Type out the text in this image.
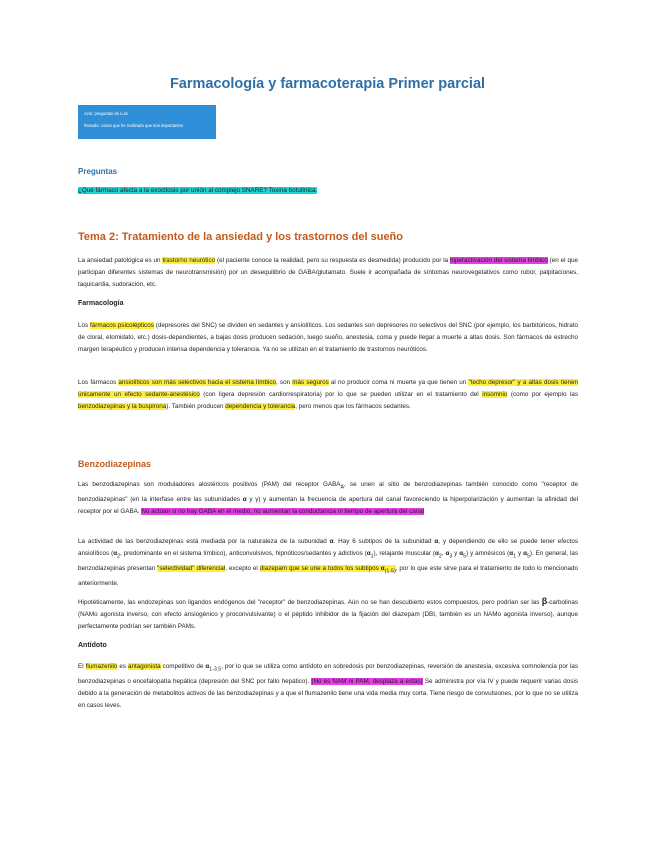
Farmacología y farmacoterapia Primer parcial
Azul: preguntas de Luis
Rosado: cosas que he realizado que son importantes
Preguntas
¿Qué fármaco afecta a la exocitosis por unión al complejo SNARE? Toxina botulínica.
Tema 2: Tratamiento de la ansiedad y los trastornos del sueño
La ansiedad patológica es un trastorno neurótico (el paciente conoce la realidad, pero su respuesta es desmedida) producido por la hiperactivación del sistema límbico (en el que participan diferentes sistemas de neurotransmisión) por un desequilibrio de GABA/glutamato. Suele ir acompañada de síntomas neurovegetativos como rubor, palpitaciones, taquicardia, sudoración, etc.
Farmacología
Los fármacos psicolépticos (depresores del SNC) se dividen en sedantes y ansiolíticos. Los sedantes son depresores no selectivos del SNC (por ejemplo, los barbitúricos, hidrato de cloral, etomidato, etc.) dosis-dependientes, a bajas dosis producen sedación, luego sueño, anestesia, coma y puede llegar a muerte a altas dosis. Son fármacos de estrecho margen terapéutico y producen intensa dependencia y tolerancia. Ya no se utilizan en el tratamiento de trastornos neuróticos.
Los fármacos ansiolíticos son más selectivos hacia el sistema límbico, son más seguros al no producir coma ni muerte ya que tienen un "techo depresor" y a altas dosis tienen únicamente un efecto sedante-anestésico (con ligera depresión cardiorrespiratoria) por lo que se pueden utilizar en el tratamiento del insomnio (como por ejemplo las benzodiazepinas y la buspirona). También producen dependencia y tolerancia, pero menos que los fármacos sedantes.
Benzodiazepinas
Las benzodiazepinas son moduladores alostéricos positivos (PAM) del receptor $GABA_A$, se unen al sitio de benzodiazepinas también conocido como "receptor de benzodiazepinas" (en la interfase entre las subunidades α y γ) y aumentan la frecuencia de apertura del canal favoreciendo la hiperpolarización y aumentan la afinidad del receptor por el GABA. No actúan si no hay GABA en el medio, no aumentan la conductancia ni tiempo de apertura del canal
La actividad de las benzodiazepinas está mediada por la naturaleza de la subunidad α. Hay 6 subtipos de la subunidad α, y dependiendo de ello se puede tener efectos ansiolíticos ($\alpha_2$, predominante en el sistema límbico), anticonvulsivos, hipnóticos/sedantes y adictivos $(\alpha_1)$, relajante muscular ($\alpha_2$, $\alpha_3$ y $\alpha_5$) y amnésicos ($\alpha_1$ y $\alpha_5$). En general, las benzodiazepinas presentan "selectividad" diferencial, excepto el diazepam que se une a todos los subtipos $\alpha_{(1-5)}$, por lo que este sirve para el tratamiento de todo lo mencionado anteriormente.
Hipotéticamente, las endozepinas son ligandos endógenos del "receptor" de benzodiazepinas. Aún no se han descubierto estos compuestos, pero podrían ser las β-carbolinas (NAMo agonista inverso, con efecto ansiogénico y proconvulsivante) o el péptido inhibidor de la fijación del diazepam (DBI, también es un NAMo agonista inverso), aunque perfectamente podrían ser también PAMs.
Antídoto
El flumazenilo es antagonista competitivo de $\alpha_{1-3,5}$, por lo que se utiliza como antídoto en sobredosis por benzodiazepinas, reversión de anestesia, excesiva somnolencia por las benzodiazepinas o encefalopatía hepática (depresión del SNC por fallo hepático). (No es NAM ni PAM, desplaza a estas) Se administra por vía IV y puede requerir varias dosis debido a la generación de metabolitos activos de las benzodiazepinas y a que el flumazenilo tiene una vida media muy corta. Tiene riesgo de convulsiones, por lo que no se utiliza en casos leves.
